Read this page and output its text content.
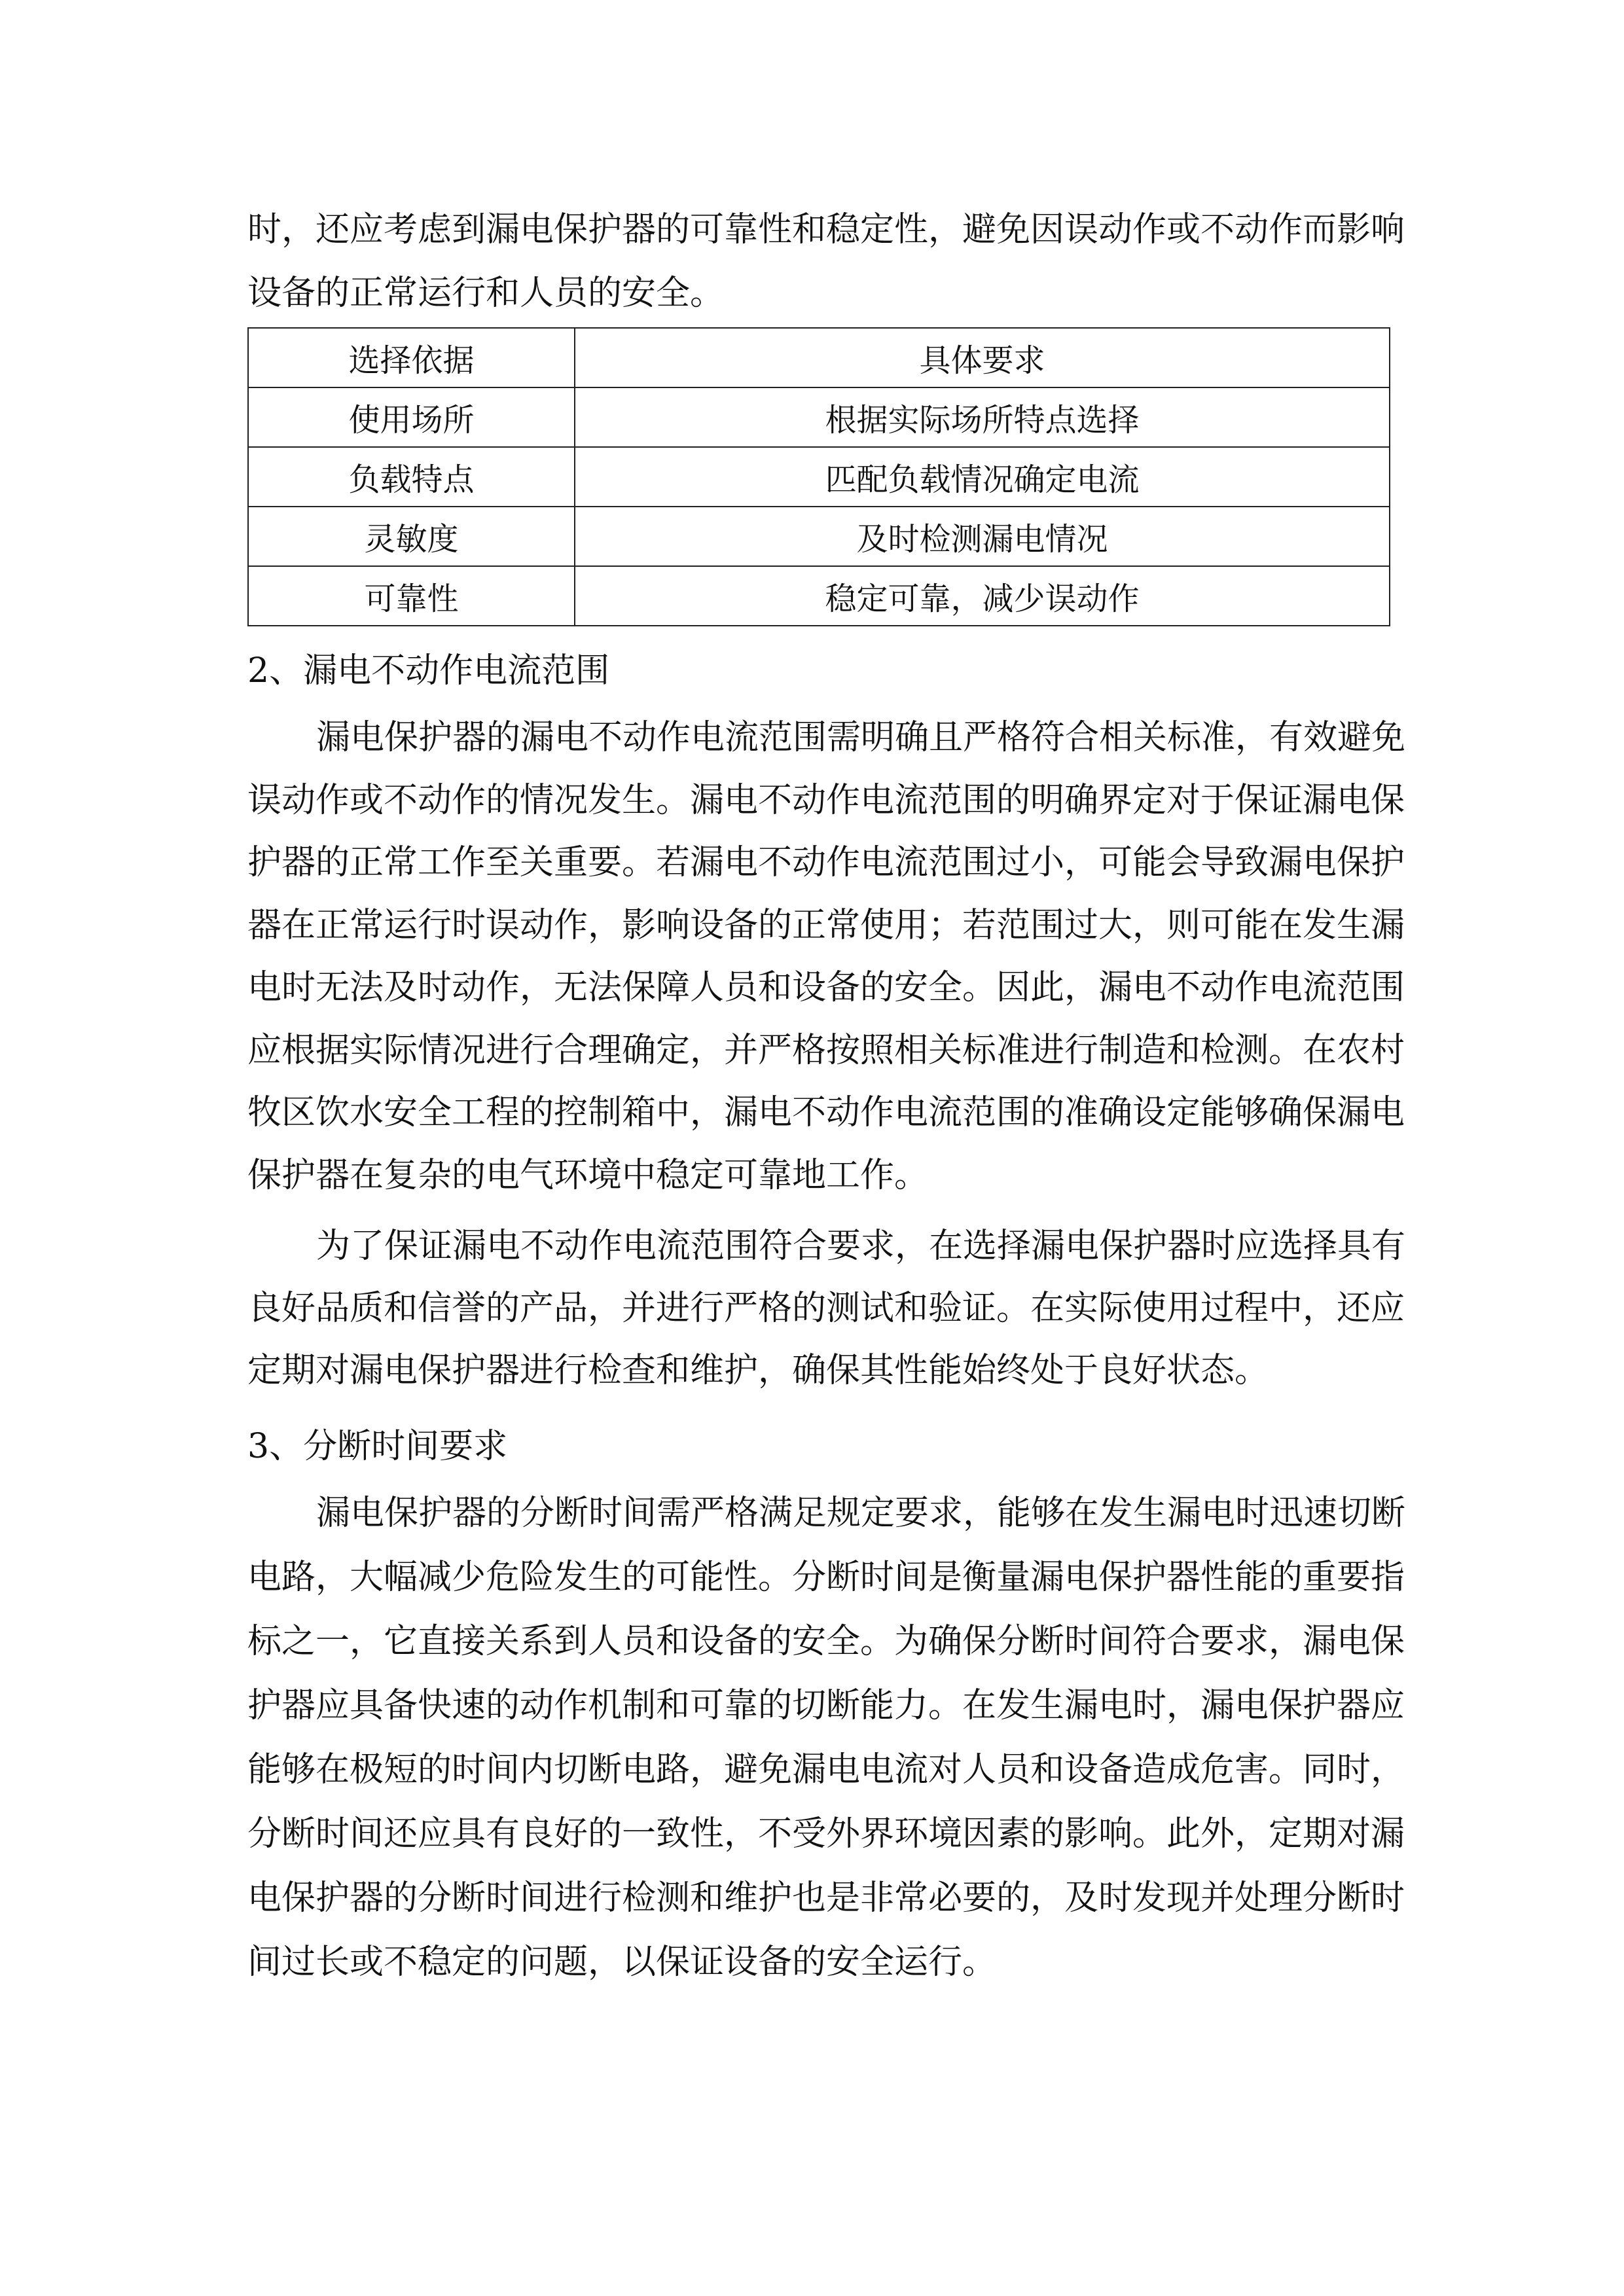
时，还应考虑到漏电保护器的可靠性和稳定性，避免因误动作或不动作而影响
设备的正常运行和人员的安全。
选择依据	具体要求
使用场所	根据实际场所特点选择
负载特点	匹配负载情况确定电流
灵敏度	及时检测漏电情况
可靠性	稳定可靠，减少误动作
2、漏电不动作电流范围
漏电保护器的漏电不动作电流范围需明确且严格符合相关标准，有效避免
误动作或不动作的情况发生。漏电不动作电流范围的明确界定对于保证漏电保
护器的正常工作至关重要。若漏电不动作电流范围过小，可能会导致漏电保护
器在正常运行时误动作，影响设备的正常使用；若范围过大，则可能在发生漏
电时无法及时动作，无法保障人员和设备的安全。因此，漏电不动作电流范围
应根据实际情况进行合理确定，并严格按照相关标准进行制造和检测。在农村
牧区饮水安全工程的控制箱中，漏电不动作电流范围的准确设定能够确保漏电
保护器在复杂的电气环境中稳定可靠地工作。
为了保证漏电不动作电流范围符合要求，在选择漏电保护器时应选择具有
良好品质和信誉的产品，并进行严格的测试和验证。在实际使用过程中，还应
定期对漏电保护器进行检查和维护，确保其性能始终处于良好状态。
3、分断时间要求
漏电保护器的分断时间需严格满足规定要求，能够在发生漏电时迅速切断
电路，大幅减少危险发生的可能性。分断时间是衡量漏电保护器性能的重要指
标之一，它直接关系到人员和设备的安全。为确保分断时间符合要求，漏电保
护器应具备快速的动作机制和可靠的切断能力。在发生漏电时，漏电保护器应
能够在极短的时间内切断电路，避免漏电电流对人员和设备造成危害。同时，
分断时间还应具有良好的一致性，不受外界环境因素的影响。此外，定期对漏
电保护器的分断时间进行检测和维护也是非常必要的，及时发现并处理分断时
间过长或不稳定的问题，以保证设备的安全运行。
